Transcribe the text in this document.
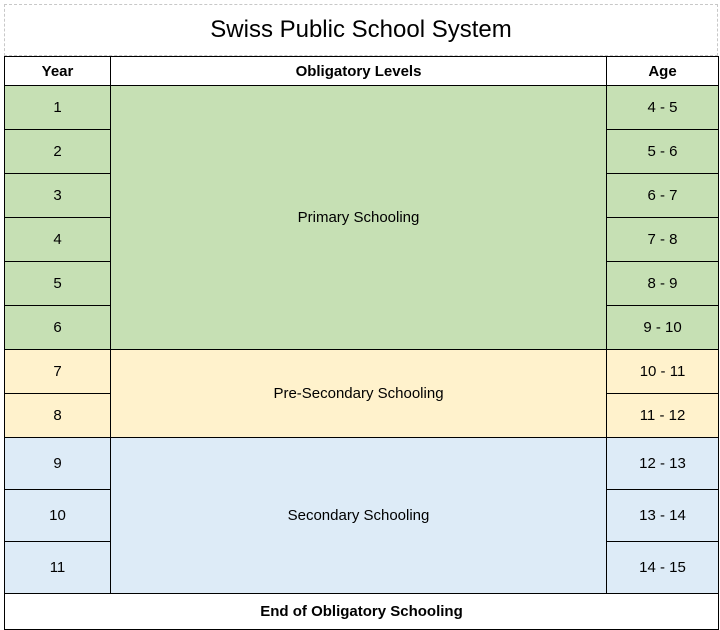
Swiss Public School System
Year	Obligatory Levels	Age
1	Primary Schooling	4 - 5
2		5 - 6
3		6 - 7
4		7 - 8
5		8 - 9
6		9 - 10
7	Pre-Secondary Schooling	10 - 11
8		11 - 12
9	Secondary Schooling	12 - 13
10		13 - 14
11		14 - 15
End of Obligatory Schooling		
